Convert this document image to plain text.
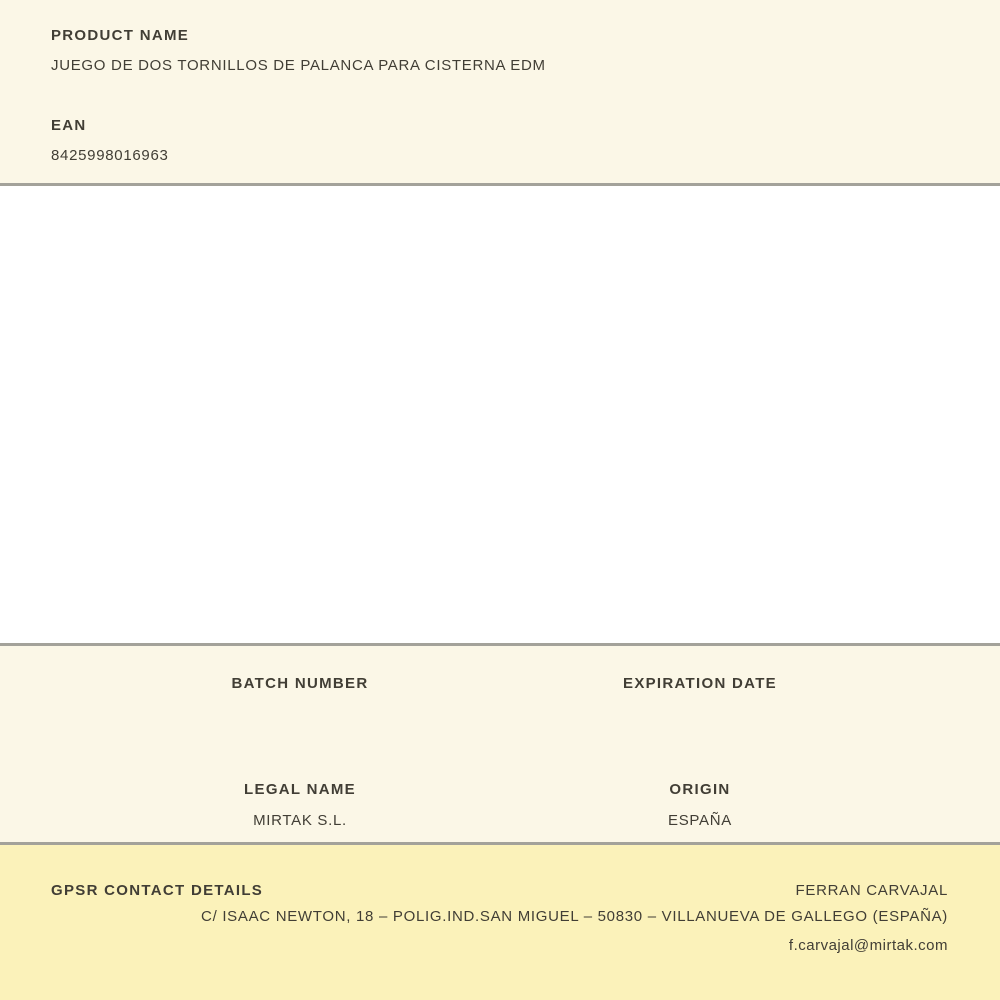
PRODUCT NAME
JUEGO DE DOS TORNILLOS DE PALANCA PARA CISTERNA EDM
EAN
8425998016963
BATCH NUMBER	EXPIRATION DATE
LEGAL NAME	ORIGIN
MIRTAK S.L.	ESPAÑA
GPSR CONTACT DETAILS	FERRAN CARVAJAL
C/ ISAAC NEWTON, 18 – POLIG.IND.SAN MIGUEL – 50830 – VILLANUEVA DE GALLEGO (ESPAÑA)
f.carvajal@mirtak.com
